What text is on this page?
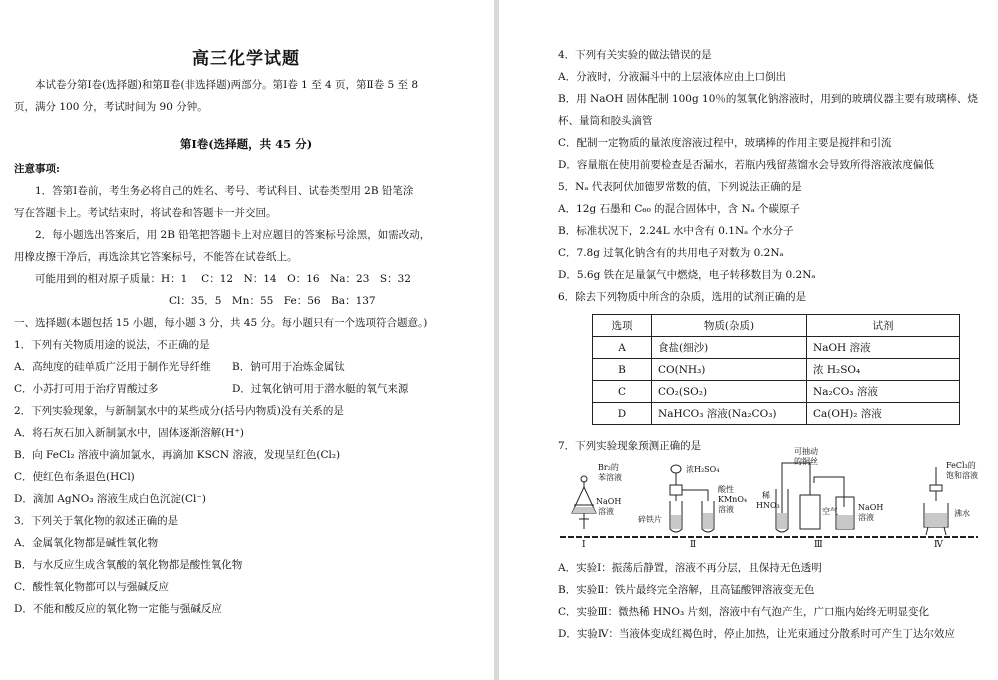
高三化学试题
本试卷分第Ⅰ卷(选择题)和第Ⅱ卷(非选择题)两部分。第Ⅰ卷 1 至 4 页，第Ⅱ卷 5 至 8
页，满分 100 分，考试时间为 90 分钟。
第Ⅰ卷(选择题，共 45 分)
注意事项:
1．答第Ⅰ卷前，考生务必将自己的姓名、考号、考试科目、试卷类型用 2B 铅笔涂
写在答题卡上。考试结束时，将试卷和答题卡一并交回。
2．每小题选出答案后，用 2B 铅笔把答题卡上对应题目的答案标号涂黑，如需改动，
用橡皮擦干净后，再选涂其它答案标号，不能答在试卷纸上。
可能用到的相对原子质量：H：1　 C：12　N：14　O：16　Na：23　S：32
Cl：35．5　Mn：55　Fe：56　Ba：137
一、选择题(本题包括 15 小题，每小题 3 分，共 45 分。每小题只有一个选项符合题意。)
1．下列有关物质用途的说法，不正确的是
A．高纯度的硅单质广泛用于制作光导纤维 B．钠可用于冶炼金属钛
C．小苏打可用于治疗胃酸过多	D．过氧化钠可用于潜水艇的氧气来源
2．下列实验现象，与新制氯水中的某些成分(括号内物质)没有关系的是
A．将石灰石加入新制氯水中，固体逐渐溶解(H⁺)
B．向 FeCl₂ 溶液中滴加氯水，再滴加 KSCN 溶液，发现呈红色(Cl₂)
C．使红色布条退色(HCl)
D．滴加 AgNO₃ 溶液生成白色沉淀(Cl⁻)
3．下列关于氧化物的叙述正确的是
A．金属氧化物都是碱性氧化物
B．与水反应生成含氧酸的氧化物都是酸性氧化物
C．酸性氧化物都可以与强碱反应
D．不能和酸反应的氧化物一定能与强碱反应
4．下列有关实验的做法错误的是
A．分液时，分液漏斗中的上层液体应由上口倒出
B．用 NaOH 固体配制 100g 10％的氢氧化钠溶液时，用到的玻璃仪器主要有玻璃棒、烧
杯、量筒和胶头滴管
C．配制一定物质的量浓度溶液过程中，玻璃棒的作用主要是搅拌和引流
D．容量瓶在使用前要检查是否漏水，若瓶内残留蒸馏水会导致所得溶液浓度偏低
5．Nₐ 代表阿伏加德罗常数的值，下列说法正确的是
A．12g 石墨和 C₆₀ 的混合固体中，含 Nₐ 个碳原子
B．标准状况下，2.24L 水中含有 0.1Nₐ 个水分子
C．7.8g 过氧化钠含有的共用电子对数为 0.2Nₐ
D．5.6g 铁在足量氯气中燃烧，电子转移数目为 0.2Nₐ
6．除去下列物质中所含的杂质，选用的试剂正确的是
选项	物质(杂质)	试剂
A	食盐(细沙)	NaOH 溶液
B	CO(NH₃)	浓 H₂SO₄
C	CO₂(SO₂)	Na₂CO₃ 溶液
D	NaHCO₃ 溶液(Na₂CO₃)	Ca(OH)₂ 溶液
7．下列实验现象预测正确的是
Br₂的
苯溶液
NaOH
溶液
浓H₂SO₄
碎铁片
酸性
KMnO₄
溶液
稀
HNO₃
可抽动
的铜丝
空气	NaOH
溶液
FeCl₃的
饱和溶液
沸水
Ⅰ	Ⅱ	Ⅲ	Ⅳ
A．实验Ⅰ：振荡后静置，溶液不再分层，且保持无色透明
B．实验Ⅱ：铁片最终完全溶解，且高锰酸钾溶液变无色
C．实验Ⅲ：微热稀 HNO₃ 片刻，溶液中有气泡产生，广口瓶内始终无明显变化
D．实验Ⅳ：当液体变成红褐色时，停止加热，让光束通过分散系时可产生丁达尔效应
